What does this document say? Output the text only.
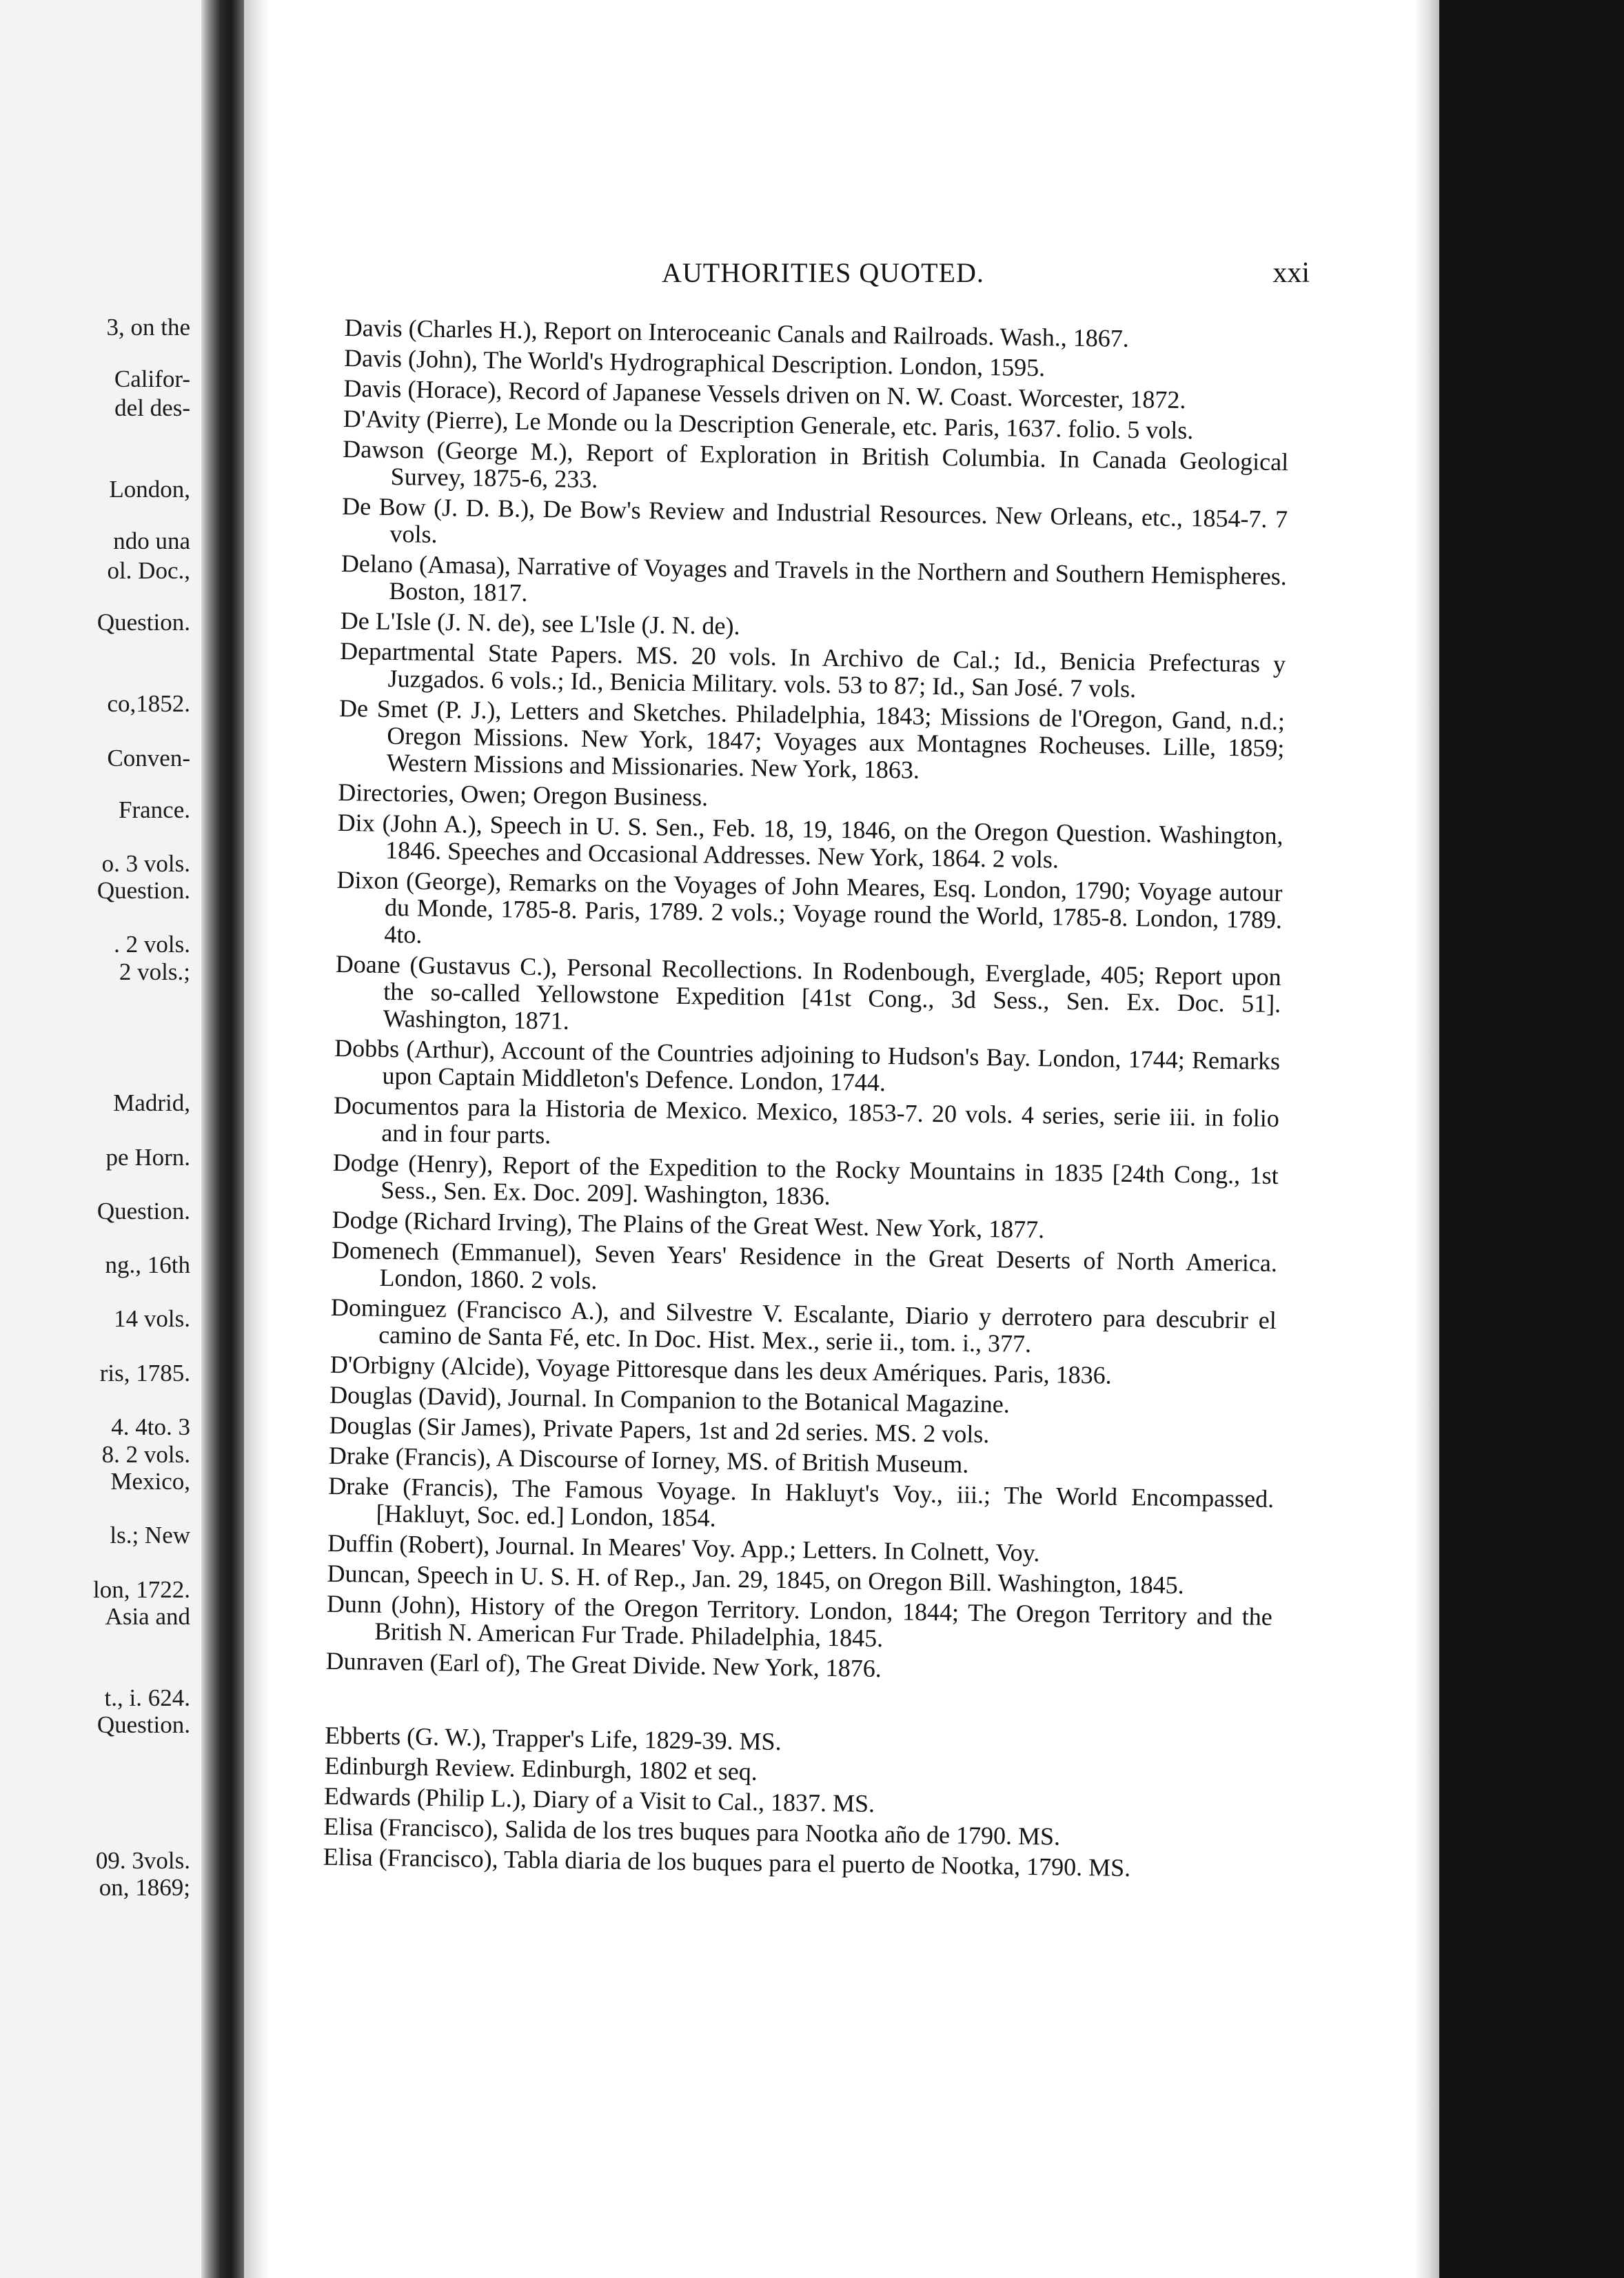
3, on the
Califor-
del des-
London,
ndo una
ol. Doc.,
Question.
co,1852.
Conven-
France.
o. 3 vols.
Question.
. 2 vols.
2 vols.;
Madrid,
pe Horn.
Question.
ng., 16th
14 vols.
ris, 1785.
4. 4to. 3
8. 2 vols.
Mexico,
ls.; New
lon, 1722.
Asia and
t., i. 624.
Question.
09. 3vols.
on, 1869;
AUTHORITIES QUOTED.	xxi

Davis (Charles H.), Report on Interoceanic Canals and Railroads. Wash., 1867.

Davis (John), The World's Hydrographical Description. London, 1595.

Davis (Horace), Record of Japanese Vessels driven on N. W. Coast. Worcester, 1872.

D'Avity (Pierre), Le Monde ou la Description Generale, etc. Paris, 1637. folio. 5 vols.

Dawson (George M.), Report of Exploration in British Columbia. In Canada Geological Survey, 1875-6, 233.

De Bow (J. D. B.), De Bow's Review and Industrial Resources. New Orleans, etc., 1854-7. 7 vols.

Delano (Amasa), Narrative of Voyages and Travels in the Northern and Southern Hemispheres. Boston, 1817.

De L'Isle (J. N. de), see L'Isle (J. N. de).

Departmental State Papers. MS. 20 vols. In Archivo de Cal.; Id., Benicia Prefecturas y Juzgados. 6 vols.; Id., Benicia Military. vols. 53 to 87; Id., San José. 7 vols.

De Smet (P. J.), Letters and Sketches. Philadelphia, 1843; Missions de l'Oregon, Gand, n.d.; Oregon Missions. New York, 1847; Voyages aux Montagnes Rocheuses. Lille, 1859; Western Missions and Missionaries. New York, 1863.

Directories, Owen; Oregon Business.

Dix (John A.), Speech in U. S. Sen., Feb. 18, 19, 1846, on the Oregon Question. Washington, 1846. Speeches and Occasional Addresses. New York, 1864. 2 vols.

Dixon (George), Remarks on the Voyages of John Meares, Esq. London, 1790; Voyage autour du Monde, 1785-8. Paris, 1789. 2 vols.; Voyage round the World, 1785-8. London, 1789. 4to.

Doane (Gustavus C.), Personal Recollections. In Rodenbough, Everglade, 405; Report upon the so-called Yellowstone Expedition [41st Cong., 3d Sess., Sen. Ex. Doc. 51]. Washington, 1871.

Dobbs (Arthur), Account of the Countries adjoining to Hudson's Bay. London, 1744; Remarks upon Captain Middleton's Defence. London, 1744.

Documentos para la Historia de Mexico. Mexico, 1853-7. 20 vols. 4 series, serie iii. in folio and in four parts.

Dodge (Henry), Report of the Expedition to the Rocky Mountains in 1835 [24th Cong., 1st Sess., Sen. Ex. Doc. 209]. Washington, 1836.

Dodge (Richard Irving), The Plains of the Great West. New York, 1877.

Domenech (Emmanuel), Seven Years' Residence in the Great Deserts of North America. London, 1860. 2 vols.

Dominguez (Francisco A.), and Silvestre V. Escalante, Diario y derrotero para descubrir el camino de Santa Fé, etc. In Doc. Hist. Mex., serie ii., tom. i., 377.

D'Orbigny (Alcide), Voyage Pittoresque dans les deux Amériques. Paris, 1836.

Douglas (David), Journal. In Companion to the Botanical Magazine.

Douglas (Sir James), Private Papers, 1st and 2d series. MS. 2 vols.

Drake (Francis), A Discourse of Iorney, MS. of British Museum.

Drake (Francis), The Famous Voyage. In Hakluyt's Voy., iii.; The World Encompassed. [Hakluyt, Soc. ed.] London, 1854.

Duffin (Robert), Journal. In Meares' Voy. App.; Letters. In Colnett, Voy.

Duncan, Speech in U. S. H. of Rep., Jan. 29, 1845, on Oregon Bill. Washington, 1845.

Dunn (John), History of the Oregon Territory. London, 1844; The Oregon Territory and the British N. American Fur Trade. Philadelphia, 1845.

Dunraven (Earl of), The Great Divide. New York, 1876.

Ebberts (G. W.), Trapper's Life, 1829-39. MS.

Edinburgh Review. Edinburgh, 1802 et seq.

Edwards (Philip L.), Diary of a Visit to Cal., 1837. MS.

Elisa (Francisco), Salida de los tres buques para Nootka año de 1790. MS.

Elisa (Francisco), Tabla diaria de los buques para el puerto de Nootka, 1790. MS.
